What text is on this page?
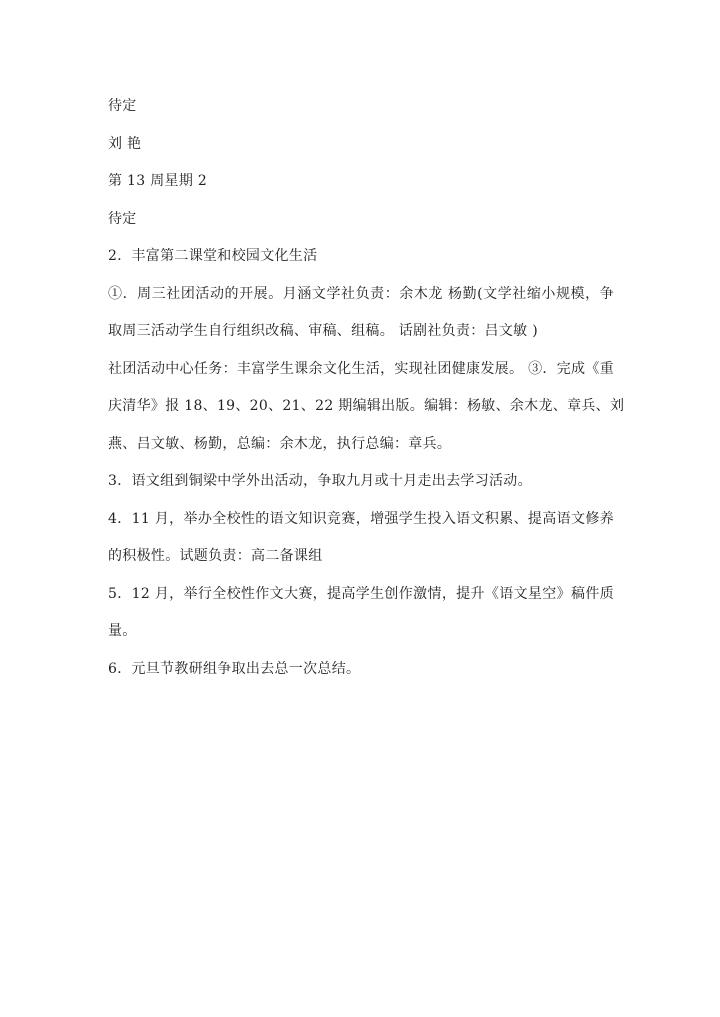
待定
刘 艳
第 13 周星期 2
待定
2．丰富第二课堂和校园文化生活
①．周三社团活动的开展。月涵文学社负责：余木龙 杨勤(文学社缩小规模，争
取周三活动学生自行组织改稿、审稿、组稿。 话剧社负责：吕文敏 )
社团活动中心任务：丰富学生课余文化生活，实现社团健康发展。 ③．完成《重
庆清华》报 18、19、20、21、22 期编辑出版。编辑：杨敏、余木龙、章兵、刘
燕、吕文敏、杨勤，总编：余木龙，执行总编：章兵。
3．语文组到铜梁中学外出活动，争取九月或十月走出去学习活动。
4．11 月，举办全校性的语文知识竞赛，增强学生投入语文积累、提高语文修养
的积极性。试题负责：高二备课组
5．12 月，举行全校性作文大赛，提高学生创作激情，提升《语文星空》稿件质
量。
6．元旦节教研组争取出去总一次总结。
